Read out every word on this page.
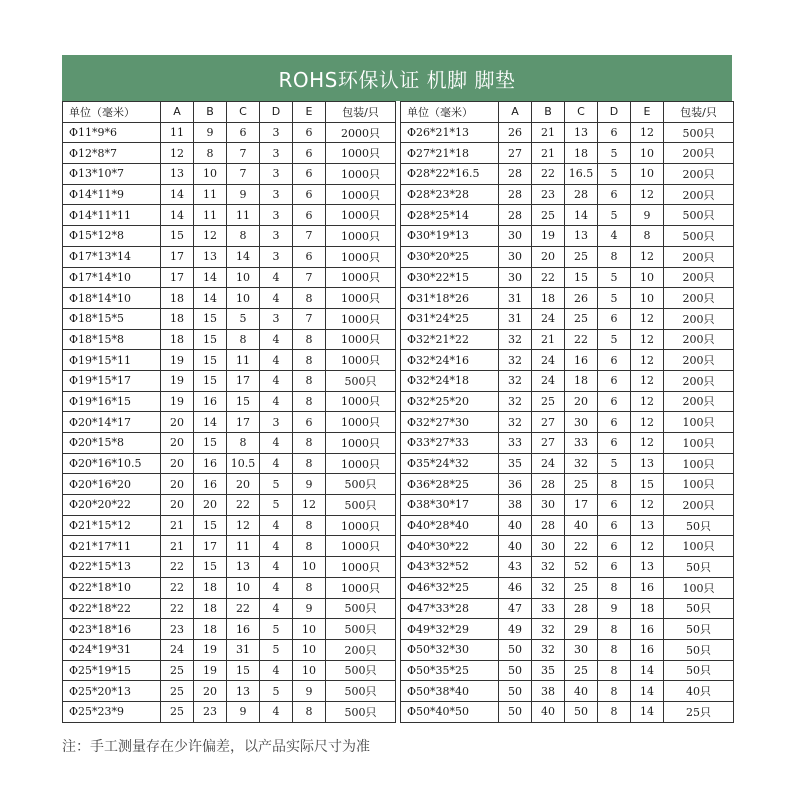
ROHS环保认证 机脚 脚垫
单位（毫米）	A	B	C	D	E	包装/只
Φ11*9*6	11	9	6	3	6	2000只
Φ12*8*7	12	8	7	3	6	1000只
Φ13*10*7	13	10	7	3	6	1000只
Φ14*11*9	14	11	9	3	6	1000只
Φ14*11*11	14	11	11	3	6	1000只
Φ15*12*8	15	12	8	3	7	1000只
Φ17*13*14	17	13	14	3	6	1000只
Φ17*14*10	17	14	10	4	7	1000只
Φ18*14*10	18	14	10	4	8	1000只
Φ18*15*5	18	15	5	3	7	1000只
Φ18*15*8	18	15	8	4	8	1000只
Φ19*15*11	19	15	11	4	8	1000只
Φ19*15*17	19	15	17	4	8	500只
Φ19*16*15	19	16	15	4	8	1000只
Φ20*14*17	20	14	17	3	6	1000只
Φ20*15*8	20	15	8	4	8	1000只
Φ20*16*10.5	20	16	10.5	4	8	1000只
Φ20*16*20	20	16	20	5	9	500只
Φ20*20*22	20	20	22	5	12	500只
Φ21*15*12	21	15	12	4	8	1000只
Φ21*17*11	21	17	11	4	8	1000只
Φ22*15*13	22	15	13	4	10	1000只
Φ22*18*10	22	18	10	4	8	1000只
Φ22*18*22	22	18	22	4	9	500只
Φ23*18*16	23	18	16	5	10	500只
Φ24*19*31	24	19	31	5	10	200只
Φ25*19*15	25	19	15	4	10	500只
Φ25*20*13	25	20	13	5	9	500只
Φ25*23*9	25	23	9	4	8	500只
单位（毫米）	A	B	C	D	E	包装/只
Φ26*21*13	26	21	13	6	12	500只
Φ27*21*18	27	21	18	5	10	200只
Φ28*22*16.5	28	22	16.5	5	10	200只
Φ28*23*28	28	23	28	6	12	200只
Φ28*25*14	28	25	14	5	9	500只
Φ30*19*13	30	19	13	4	8	500只
Φ30*20*25	30	20	25	8	12	200只
Φ30*22*15	30	22	15	5	10	200只
Φ31*18*26	31	18	26	5	10	200只
Φ31*24*25	31	24	25	6	12	200只
Φ32*21*22	32	21	22	5	12	200只
Φ32*24*16	32	24	16	6	12	200只
Φ32*24*18	32	24	18	6	12	200只
Φ32*25*20	32	25	20	6	12	200只
Φ32*27*30	32	27	30	6	12	100只
Φ33*27*33	33	27	33	6	12	100只
Φ35*24*32	35	24	32	5	13	100只
Φ36*28*25	36	28	25	8	15	100只
Φ38*30*17	38	30	17	6	12	200只
Φ40*28*40	40	28	40	6	13	50只
Φ40*30*22	40	30	22	6	12	100只
Φ43*32*52	43	32	52	6	13	50只
Φ46*32*25	46	32	25	8	16	100只
Φ47*33*28	47	33	28	9	18	50只
Φ49*32*29	49	32	29	8	16	50只
Φ50*32*30	50	32	30	8	16	50只
Φ50*35*25	50	35	25	8	14	50只
Φ50*38*40	50	38	40	8	14	40只
Φ50*40*50	50	40	50	8	14	25只
注：手工测量存在少许偏差，以产品实际尺寸为准
